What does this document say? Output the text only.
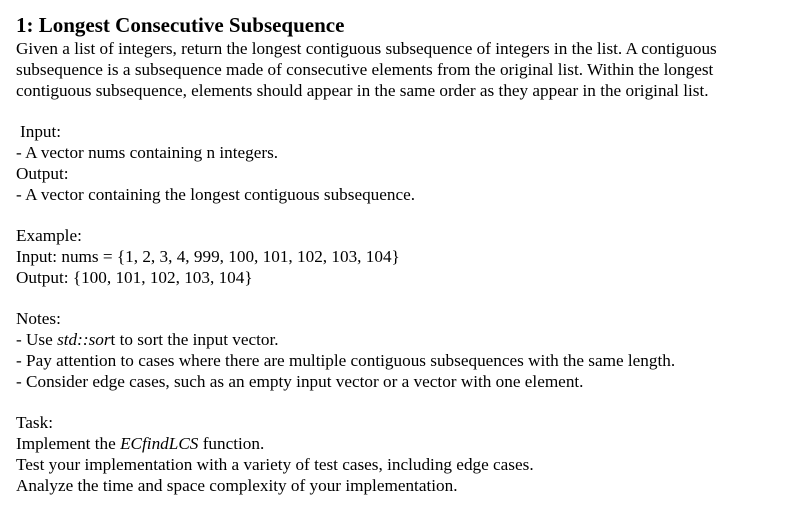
1: Longest Consecutive Subsequence

Given a list of integers, return the longest contiguous subsequence of integers in the list. A contiguous subsequence is a subsequence made of consecutive elements from the original list. Within the longest contiguous subsequence, elements should appear in the same order as they appear in the original list.

Input:

- A vector nums containing n integers.

Output:

- A vector containing the longest contiguous subsequence.

Example:

Input: nums = {1, 2, 3, 4, 999, 100, 101, 102, 103, 104}

Output: {100, 101, 102, 103, 104}

Notes:

- Use std::sort to sort the input vector.

- Pay attention to cases where there are multiple contiguous subsequences with the same length.

- Consider edge cases, such as an empty input vector or a vector with one element.

Task:

Implement the ECfindLCS function.

Test your implementation with a variety of test cases, including edge cases.

Analyze the time and space complexity of your implementation.
